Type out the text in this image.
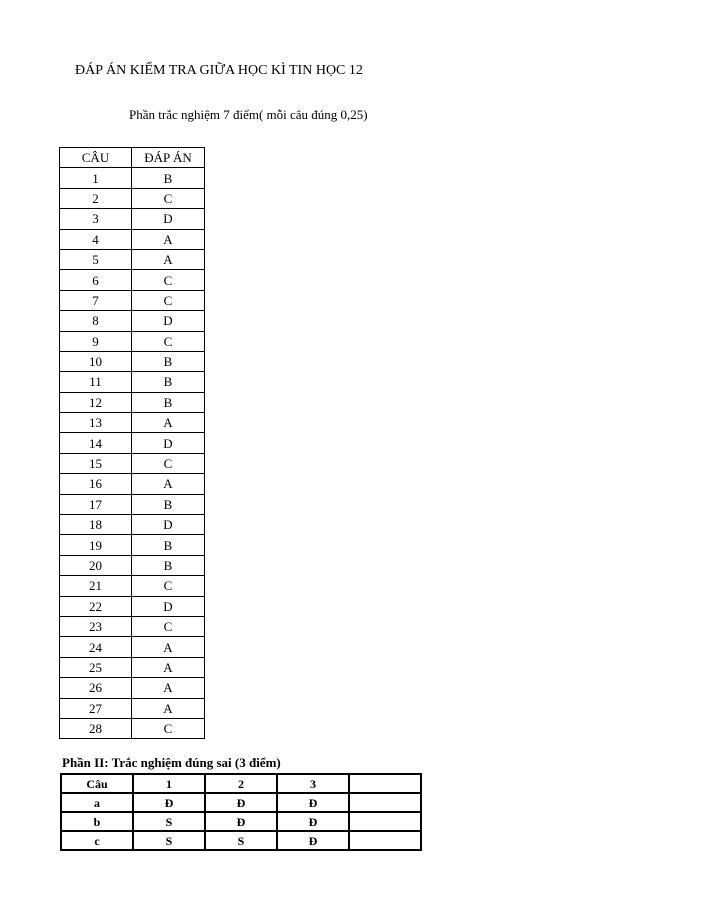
ĐÁP ÁN KIỂM TRA GIỮA HỌC KÌ TIN HỌC 12
Phần trắc nghiệm 7 điểm( mỗi câu đúng 0,25)
CÂU	ĐÁP ÁN
1	B
2	C
3	D
4	A
5	A
6	C
7	C
8	D
9	C
10	B
11	B
12	B
13	A
14	D
15	C
16	A
17	B
18	D
19	B
20	B
21	C
22	D
23	C
24	A
25	A
26	A
27	A
28	C
Phần II: Trắc nghiệm đúng sai (3 điểm)
Câu	1	2	3	
a	Đ	Đ	Đ	
b	S	Đ	Đ	
c	S	S	Đ	
